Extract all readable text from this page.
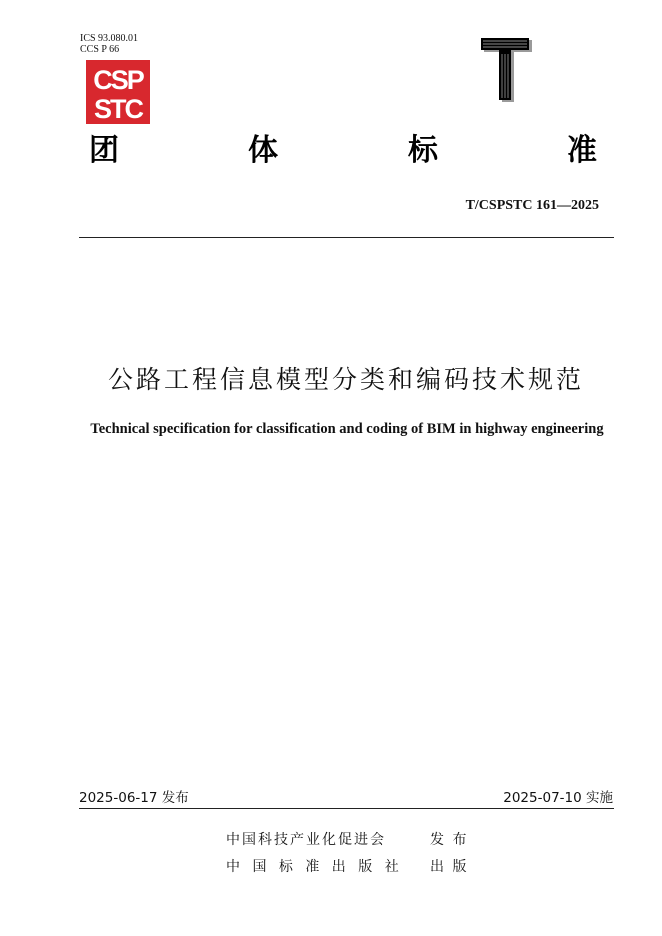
ICS 93.080.01
CCS P 66
CSP
STC
团	体	标	准
T/CSPSTC 161—2025
公路工程信息模型分类和编码技术规范
Technical specification for classification and coding of BIM in highway engineering
2025-06-17 发布	2025-07-10 实施
中国科技产业化促进会	发 布
中 国 标 准 出 版 社 出 版
